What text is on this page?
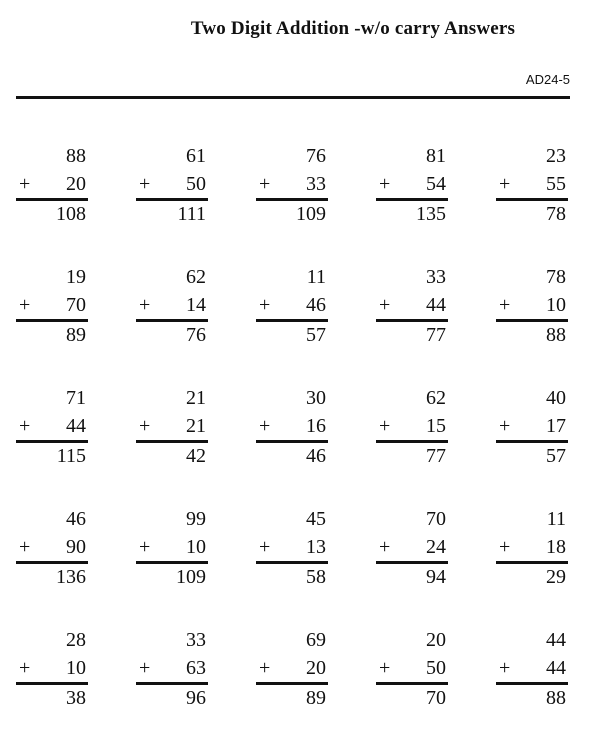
Two Digit Addition -w/o carry Answers
AD24-5
88
+ 20
108
61
+ 50
111
76
+ 33
109
81
+ 54
135
23
+ 55
78
19
+ 70
89
62
+ 14
76
11
+ 46
57
33
+ 44
77
78
+ 10
88
71
+ 44
115
21
+ 21
42
30
+ 16
46
62
+ 15
77
40
+ 17
57
46
+ 90
136
99
+ 10
109
45
+ 13
58
70
+ 24
94
11
+ 18
29
28
+ 10
38
33
+ 63
96
69
+ 20
89
20
+ 50
70
44
+ 44
88
